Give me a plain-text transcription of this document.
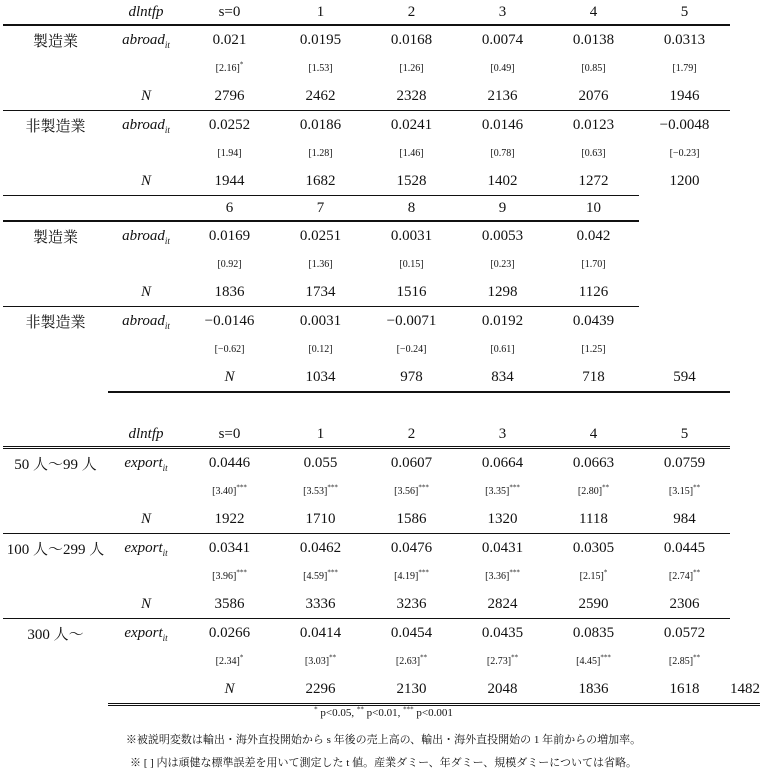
	dlntfp	s=0	1	2	3	4	5	
製造業	abroad$_{it}$	0.021	0.0195	0.0168	0.0074	0.0138	0.0313	
		[2.16]*	[1.53]	[1.26]	[0.49]	[0.85]	[1.79]	
	N	2796	2462	2328	2136	2076	1946	
非製造業	abroad$_{it}$	0.0252	0.0186	0.0241	0.0146	0.0123	−0.0048	
		[1.94]	[1.28]	[1.46]	[0.78]	[0.63]	[−0.23]	
	N	1944	1682	1528	1402	1272	1200	
		6	7	8	9	10		
製造業	abroad$_{it}$	0.0169	0.0251	0.0031	0.0053	0.042		
		[0.92]	[1.36]	[0.15]	[0.23]	[1.70]		
	N	1836	1734	1516	1298	1126		
非製造業	abroad$_{it}$	−0.0146	0.0031	−0.0071	0.0192	0.0439		
		[−0.62]	[0.12]	[−0.24]	[0.61]	[1.25]		
		N	1034	978	834	718	594	
	dlntfp	s=0	1	2	3	4	5	
50 人〜99 人	export$_{it}$	0.0446	0.055	0.0607	0.0664	0.0663	0.0759	
		[3.40]***	[3.53]***	[3.56]***	[3.35]***	[2.80]**	[3.15]**
	N	1922	1710	1586	1320	1118	984	
100 人〜299 人	export$_{it}$	0.0341	0.0462	0.0476	0.0431	0.0305	0.0445	
		[3.96]***	[4.59]***	[4.19]***	[3.36]***	[2.15]*	[2.74]**
	N	3586	3336	3236	2824	2590	2306	
300 人〜	export$_{it}$	0.0266	0.0414	0.0454	0.0435	0.0835	0.0572	
		[2.34]*	[3.03]**	[2.63]**	[2.73]**	[4.45]***	[2.85]**
		N	2296	2130	2048	1836	1618	1482
* p<0.05, ** p<0.01, *** p<0.001
※被説明変数は輸出・海外直投開始から s 年後の売上高の、輸出・海外直投開始の 1 年前からの増加率。
※ [ ] 内は頑健な標準誤差を用いて測定した t 値。産業ダミー、年ダミー、規模ダミーについては省略。
